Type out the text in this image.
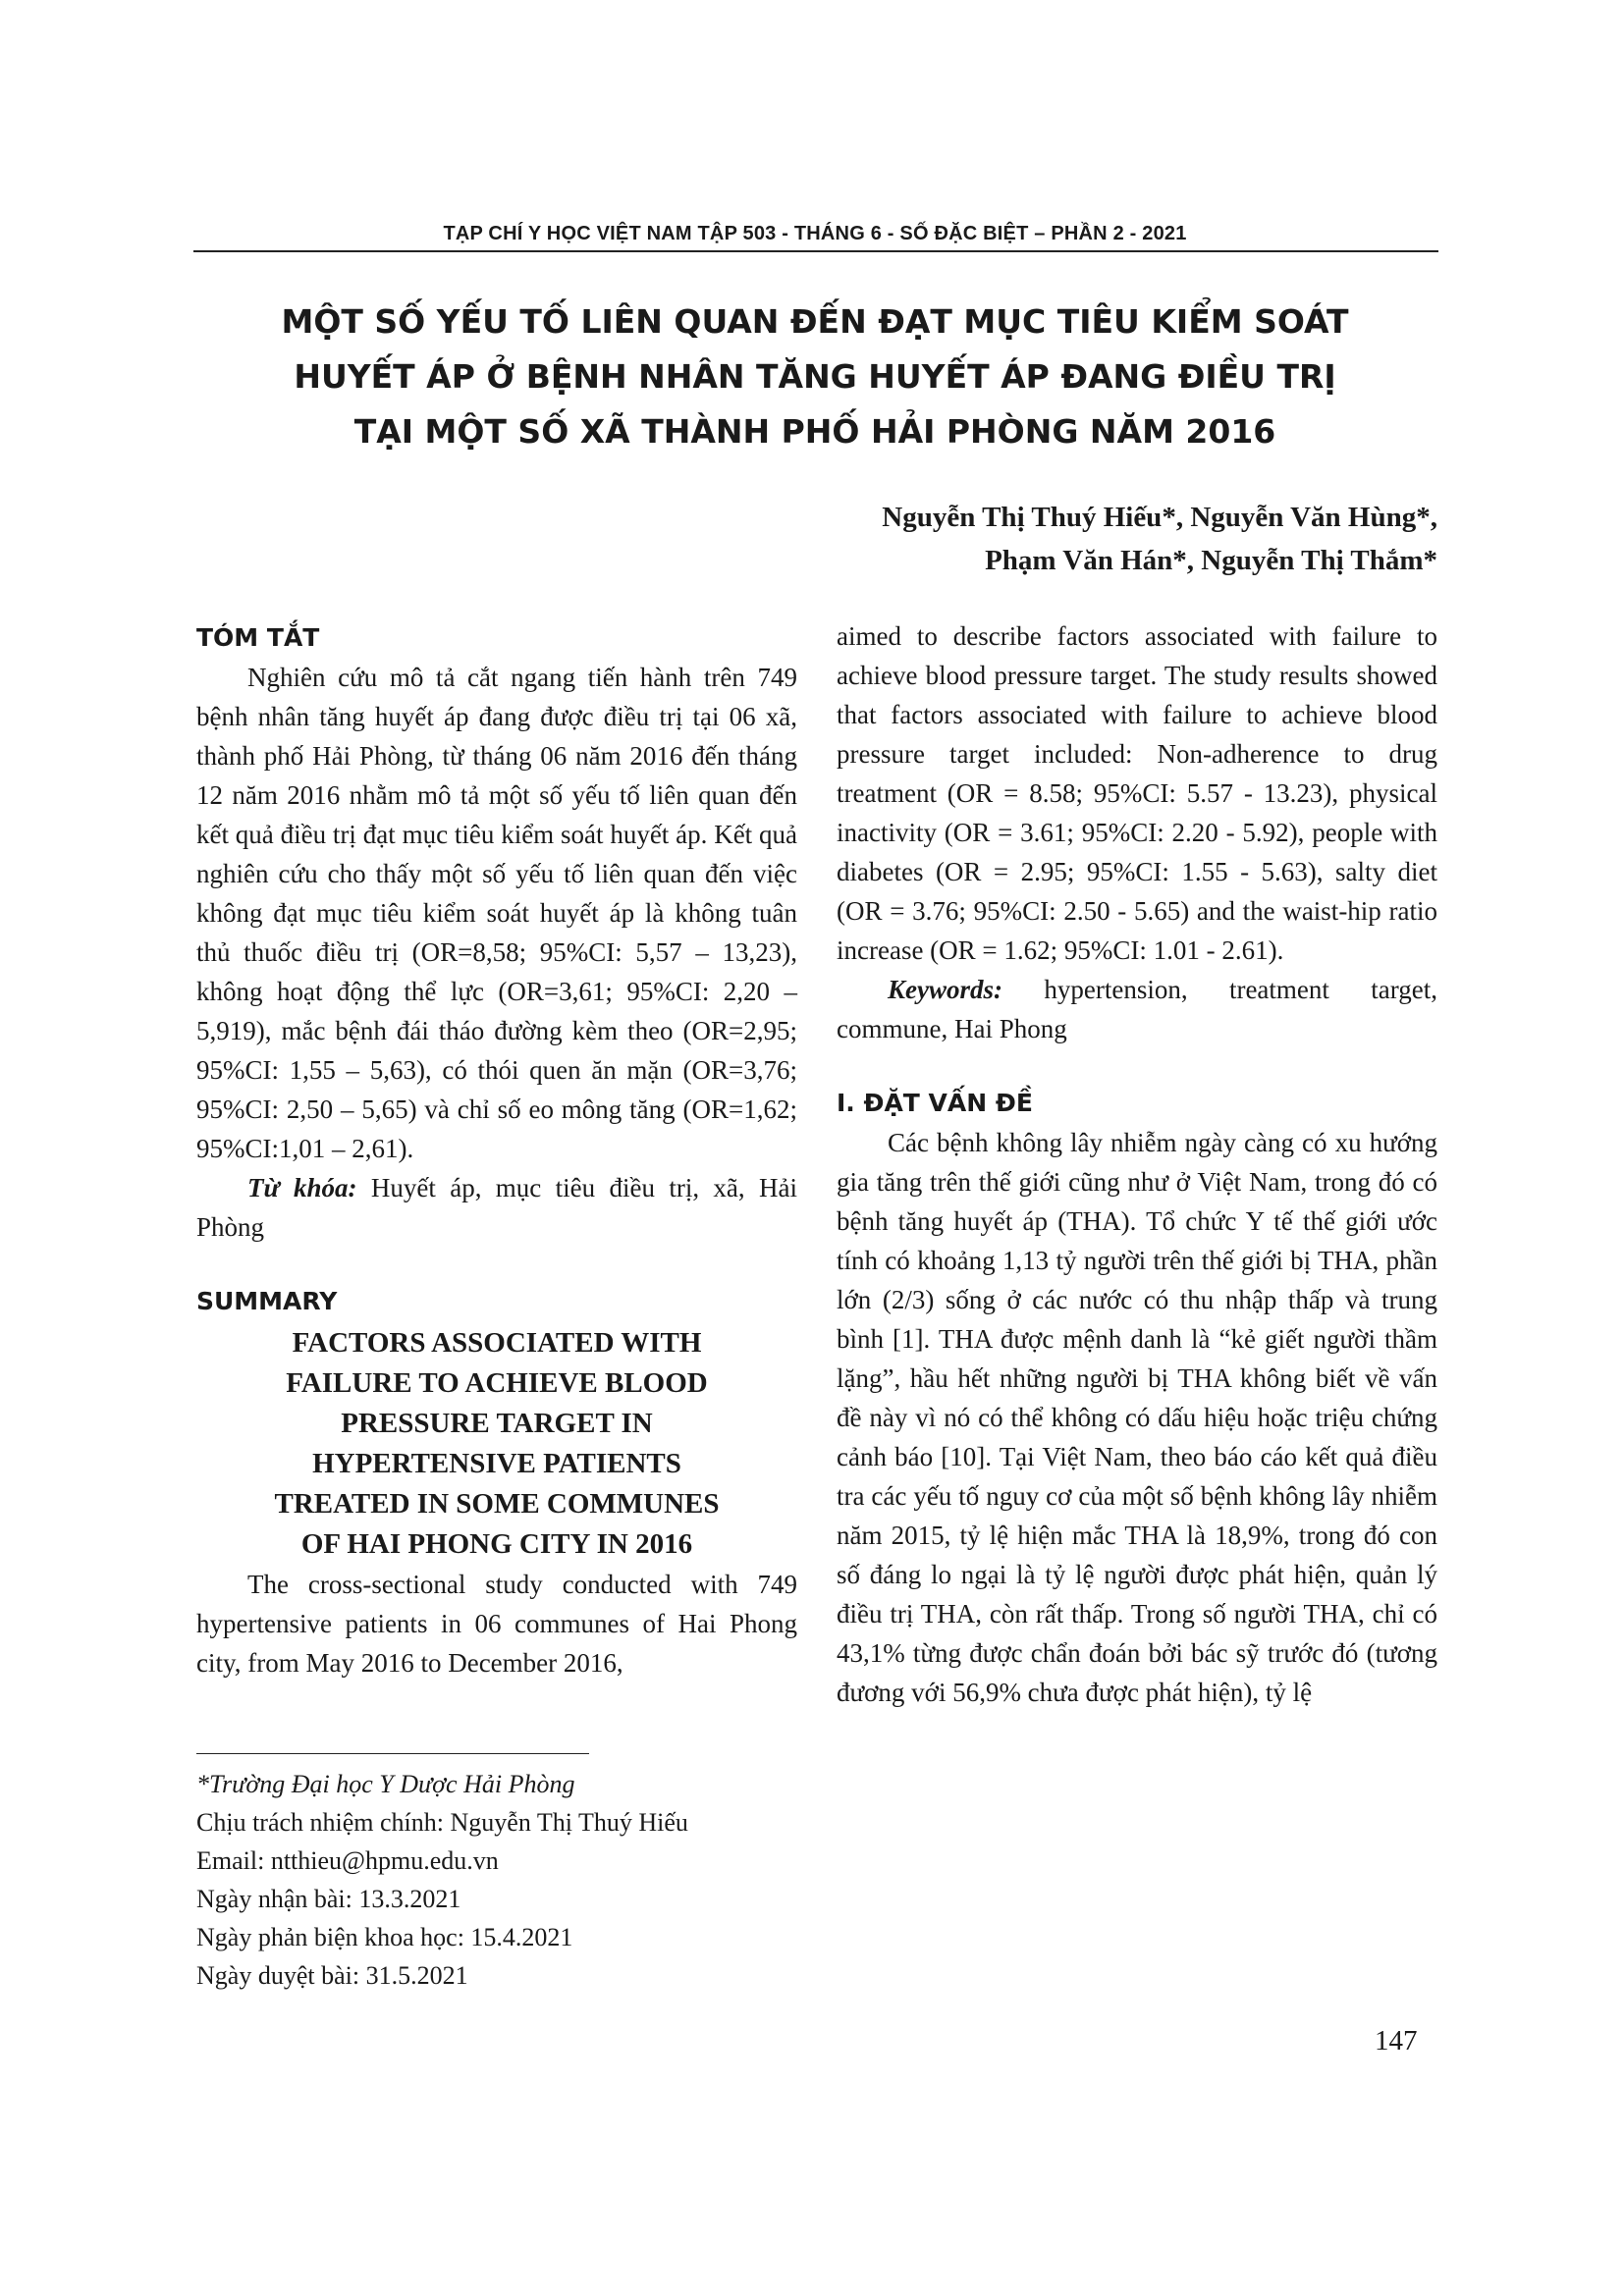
TẠP CHÍ Y HỌC VIỆT NAM TẬP 503 - THÁNG 6 - SỐ ĐẶC BIỆT – PHẦN 2 - 2021
MỘT SỐ YẾU TỐ LIÊN QUAN ĐẾN ĐẠT MỤC TIÊU KIỂM SOÁT
HUYẾT ÁP Ở BỆNH NHÂN TĂNG HUYẾT ÁP ĐANG ĐIỀU TRỊ
TẠI MỘT SỐ XÃ THÀNH PHỐ HẢI PHÒNG NĂM 2016
Nguyễn Thị Thuý Hiếu*, Nguyễn Văn Hùng*,
Phạm Văn Hán*, Nguyễn Thị Thắm*
TÓM TẮT

Nghiên cứu mô tả cắt ngang tiến hành trên 749 bệnh nhân tăng huyết áp đang được điều trị tại 06 xã, thành phố Hải Phòng, từ tháng 06 năm 2016 đến tháng 12 năm 2016 nhằm mô tả một số yếu tố liên quan đến kết quả điều trị đạt mục tiêu kiểm soát huyết áp. Kết quả nghiên cứu cho thấy một số yếu tố liên quan đến việc không đạt mục tiêu kiểm soát huyết áp là không tuân thủ thuốc điều trị (OR=8,58; 95%CI: 5,57 – 13,23), không hoạt động thể lực (OR=3,61; 95%CI: 2,20 – 5,919), mắc bệnh đái tháo đường kèm theo (OR=2,95; 95%CI: 1,55 – 5,63), có thói quen ăn mặn (OR=3,76; 95%CI: 2,50 – 5,65) và chỉ số eo mông tăng (OR=1,62; 95%CI:1,01 – 2,61).

Từ khóa: Huyết áp, mục tiêu điều trị, xã, Hải Phòng

SUMMARY
FACTORS ASSOCIATED WITH
FAILURE TO ACHIEVE BLOOD
PRESSURE TARGET IN
HYPERTENSIVE PATIENTS
TREATED IN SOME COMMUNES
OF HAI PHONG CITY IN 2016

The cross-sectional study conducted with 749 hypertensive patients in 06 communes of Hai Phong city, from May 2016 to December 2016,

*Trường Đại học Y Dược Hải Phòng
Chịu trách nhiệm chính: Nguyễn Thị Thuý Hiếu
Email: ntthieu@hpmu.edu.vn
Ngày nhận bài: 13.3.2021
Ngày phản biện khoa học: 15.4.2021
Ngày duyệt bài: 31.5.2021

aimed to describe factors associated with failure to achieve blood pressure target. The study results showed that factors associated with failure to achieve blood pressure target included: Non-adherence to drug treatment (OR = 8.58; 95%CI: 5.57 - 13.23), physical inactivity (OR = 3.61; 95%CI: 2.20 - 5.92), people with diabetes (OR = 2.95; 95%CI: 1.55 - 5.63), salty diet (OR = 3.76; 95%CI: 2.50 - 5.65) and the waist-hip ratio increase (OR = 1.62; 95%CI: 1.01 - 2.61).

Keywords: hypertension, treatment target, commune, Hai Phong

I. ĐẶT VẤN ĐỀ

Các bệnh không lây nhiễm ngày càng có xu hướng gia tăng trên thế giới cũng như ở Việt Nam, trong đó có bệnh tăng huyết áp (THA). Tổ chức Y tế thế giới ước tính có khoảng 1,13 tỷ người trên thế giới bị THA, phần lớn (2/3) sống ở các nước có thu nhập thấp và trung bình [1]. THA được mệnh danh là “kẻ giết người thầm lặng”, hầu hết những người bị THA không biết về vấn đề này vì nó có thể không có dấu hiệu hoặc triệu chứng cảnh báo [10]. Tại Việt Nam, theo báo cáo kết quả điều tra các yếu tố nguy cơ của một số bệnh không lây nhiễm năm 2015, tỷ lệ hiện mắc THA là 18,9%, trong đó con số đáng lo ngại là tỷ lệ người được phát hiện, quản lý điều trị THA, còn rất thấp. Trong số người THA, chỉ có 43,1% từng được chẩn đoán bởi bác sỹ trước đó (tương đương với 56,9% chưa được phát hiện), tỷ lệ

147
